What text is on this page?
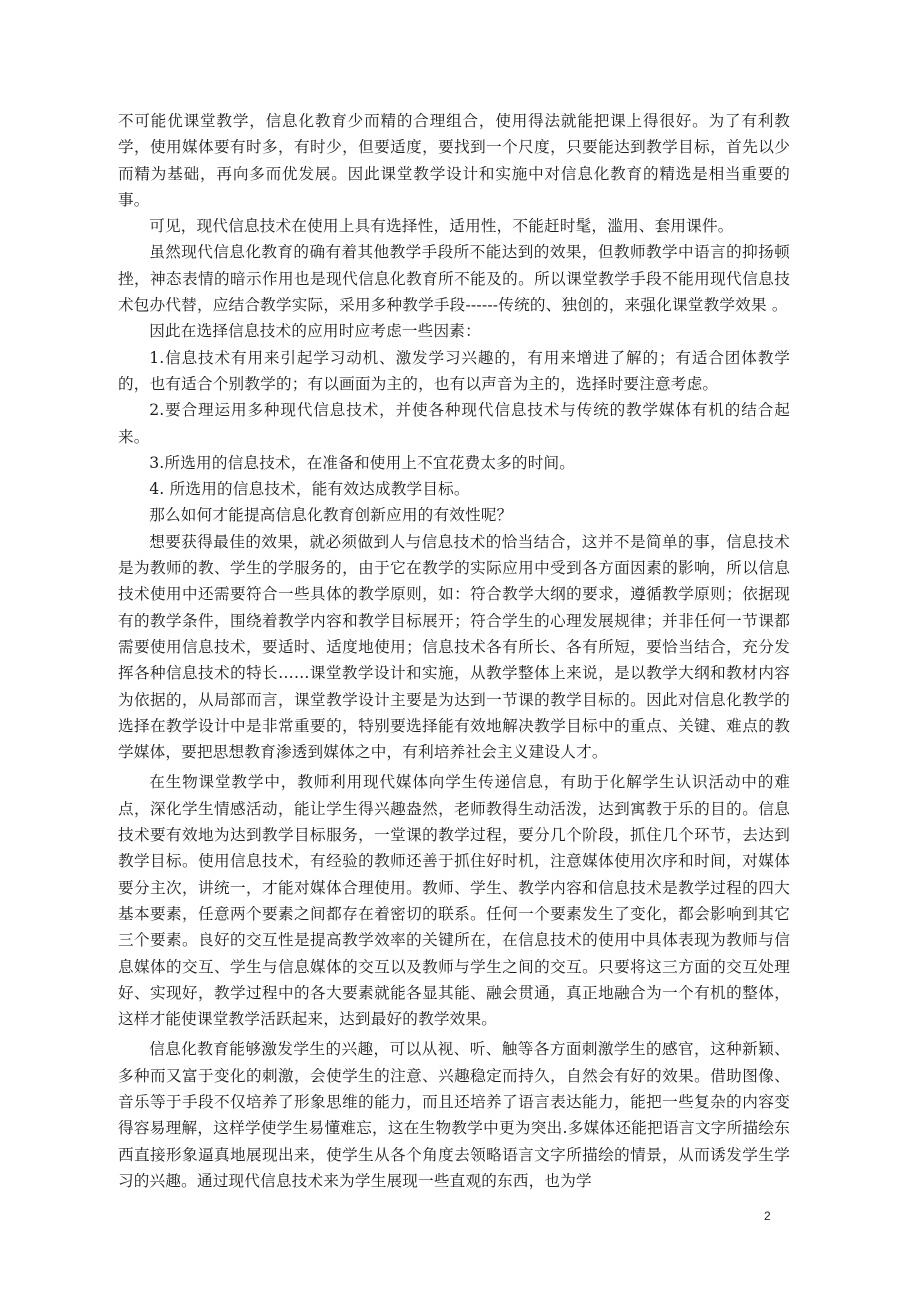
不可能优课堂教学，信息化教育少而精的合理组合，使用得法就能把课上得很好。为了有利教学，使用媒体要有时多，有时少，但要适度，要找到一个尺度，只要能达到教学目标，首先以少而精为基础，再向多而优发展。因此课堂教学设计和实施中对信息化教育的精选是相当重要的事。

可见，现代信息技术在使用上具有选择性，适用性，不能赶时髦，滥用、套用课件。

虽然现代信息化教育的确有着其他教学手段所不能达到的效果，但教师教学中语言的抑扬顿挫，神态表情的暗示作用也是现代信息化教育所不能及的。所以课堂教学手段不能用现代信息技术包办代替，应结合教学实际，采用多种教学手段------传统的、独创的，来强化课堂教学效果 。

因此在选择信息技术的应用时应考虑一些因素：

1.信息技术有用来引起学习动机、激发学习兴趣的，有用来增进了解的；有适合团体教学的，也有适合个别教学的；有以画面为主的，也有以声音为主的，选择时要注意考虑。

2.要合理运用多种现代信息技术，并使各种现代信息技术与传统的教学媒体有机的结合起来。

3.所选用的信息技术，在准备和使用上不宜花费太多的时间。

4. 所选用的信息技术，能有效达成教学目标。

那么如何才能提高信息化教育创新应用的有效性呢？

想要获得最佳的效果，就必须做到人与信息技术的恰当结合，这并不是简单的事，信息技术是为教师的教、学生的学服务的，由于它在教学的实际应用中受到各方面因素的影响，所以信息技术使用中还需要符合一些具体的教学原则，如：符合教学大纲的要求，遵循教学原则；依据现有的教学条件，围绕着教学内容和教学目标展开；符合学生的心理发展规律；并非任何一节课都需要使用信息技术，要适时、适度地使用；信息技术各有所长、各有所短，要恰当结合，充分发挥各种信息技术的特长……课堂教学设计和实施，从教学整体上来说，是以教学大纲和教材内容为依据的，从局部而言，课堂教学设计主要是为达到一节课的教学目标的。因此对信息化教学的选择在教学设计中是非常重要的，特别要选择能有效地解决教学目标中的重点、关键、难点的教学媒体，要把思想教育渗透到媒体之中，有利培养社会主义建设人才。

在生物课堂教学中，教师利用现代媒体向学生传递信息，有助于化解学生认识活动中的难点，深化学生情感活动，能让学生得兴趣盎然，老师教得生动活泼，达到寓教于乐的目的。信息技术要有效地为达到教学目标服务，一堂课的教学过程，要分几个阶段，抓住几个环节，去达到教学目标。使用信息技术，有经验的教师还善于抓住好时机，注意媒体使用次序和时间，对媒体要分主次，讲统一，才能对媒体合理使用。教师、学生、教学内容和信息技术是教学过程的四大基本要素，任意两个要素之间都存在着密切的联系。任何一个要素发生了变化，都会影响到其它三个要素。良好的交互性是提高教学效率的关键所在，在信息技术的使用中具体表现为教师与信息媒体的交互、学生与信息媒体的交互以及教师与学生之间的交互。只要将这三方面的交互处理好、实现好，教学过程中的各大要素就能各显其能、融会贯通，真正地融合为一个有机的整体，这样才能使课堂教学活跃起来，达到最好的教学效果。

信息化教育能够激发学生的兴趣，可以从视、听、触等各方面刺激学生的感官，这种新颖、多种而又富于变化的刺激，会使学生的注意、兴趣稳定而持久，自然会有好的效果。借助图像、音乐等于手段不仅培养了形象思维的能力，而且还培养了语言表达能力，能把一些复杂的内容变得容易理解，这样学使学生易懂难忘，这在生物教学中更为突出.多媒体还能把语言文字所描绘东西直接形象逼真地展现出来，使学生从各个角度去领略语言文字所描绘的情景，从而诱发学生学习的兴趣。通过现代信息技术来为学生展现一些直观的东西，也为学

2
